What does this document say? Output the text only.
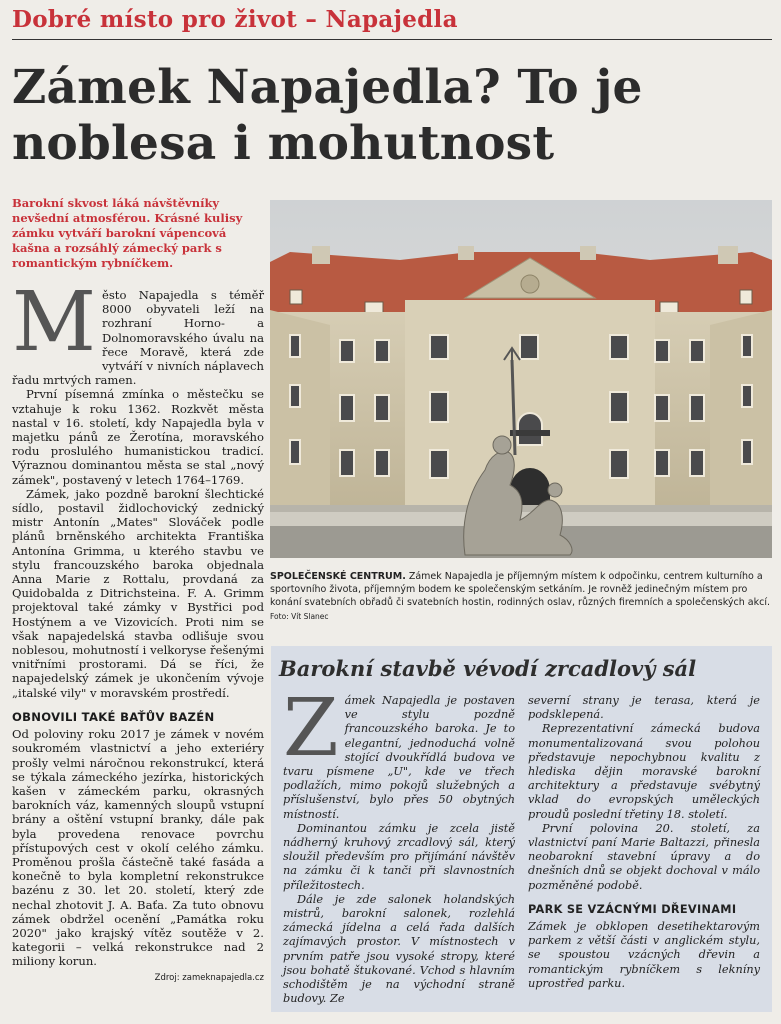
Dobré místo pro život – Napajedla
Zámek Napajedla? To je
noblesa i mohutnost
Barokní skvost láká návštěvníky nevšední atmosférou. Krásné kulisy zámku vytváří barokní vápencová kašna a rozsáhlý zámecký park s romantickým rybníčkem.

Město Napajedla s téměř 8000 obyvateli leží na rozhraní Horno- a Dolnomoravského úvalu na řece Moravě, která zde vytváří v nivních náplavech řadu mrtvých ramen.

První písemná zmínka o městečku se vztahuje k roku 1362. Rozkvět města nastal v 16. století, kdy Napajedla byla v majetku pánů ze Žerotína, moravského rodu proslulého humanistickou tradicí. Výraznou dominantou města se stal „nový zámek", postavený v letech 1764–1769.

Zámek, jako pozdně barokní šlechtické sídlo, postavil židlochovický zednický mistr Antonín „Mates" Slováček podle plánů brněnského architekta Františka Antonína Grimma, u kterého stavbu ve stylu francouzského baroka objednala Anna Marie z Rottalu, provdaná za Quidobalda z Ditrichsteina. F. A. Grimm projektoval také zámky v Bystřici pod Hostýnem a ve Vizovicích. Proti nim se však napajedelská stavba odlišuje svou noblesou, mohutností i velkoryse řešenými vnitřními prostorami. Dá se říci, že napajedelský zámek je ukončením vývoje „italské vily" v moravském prostředí.

OBNOVILI TAKÉ BAŤŮV BAZÉN

Od poloviny roku 2017 je zámek v novém soukromém vlastnictví a jeho exteriéry prošly velmi náročnou rekonstrukcí, která se týkala zámeckého jezírka, historických kašen v zámeckém parku, okrasných barokních váz, kamenných sloupů vstupní brány a oštění vstupní branky, dále pak byla provedena renovace povrchu přístupových cest v okolí celého zámku. Proměnou prošla částečně také fasáda a konečně to byla kompletní rekonstrukce bazénu z 30. let 20. století, který zde nechal zhotovit J. A. Baťa. Za tuto obnovu zámek obdržel ocenění „Památka roku 2020" jako krajský vítěz soutěže v 2. kategorii – velká rekonstrukce nad 2 miliony korun.

Zdroj: zameknapajedla.cz

SPOLEČENSKÉ CENTRUM. Zámek Napajedla je příjemným místem k odpočinku, centrem kulturního a sportovního života, příjemným bodem ke společenským setkáním. Je rovněž jedinečným místem pro konání svatebních obřadů či svatebních hostin, rodinných oslav, různých firemních a společenských akcí. Foto: Vít Slanec
Barokní stavbě vévodí zrcadlový sál

Zámek Napajedla je postaven ve stylu pozdně francouzského baroka. Je to elegantní, jednoduchá volně stojící dvoukřídlá budova ve tvaru písmene „U", kde ve třech podlažích, mimo pokojů služebných a příslušenství, bylo přes 50 obytných místností.

Dominantou zámku je zcela jistě nádherný kruhový zrcadlový sál, který sloužil především pro přijímání návštěv na zámku či k tanči při slavnostních příležitostech.

Dále je zde salonek holandských mistrů, barokní salonek, rozlehlá zámecká jídelna a celá řada dalších zajímavých prostor. V místnostech v prvním patře jsou vysoké stropy, které jsou bohatě štukované. Vchod s hlavním schodištěm je na východní straně budovy. Ze

severní strany je terasa, která je podsklepená.

Reprezentativní zámecká budova monumentalizovaná svou polohou představuje nepochybnou kvalitu z hlediska dějin moravské barokní architektury a představuje svébytný vklad do evropských uměleckých proudů poslední třetiny 18. století.

První polovina 20. století, za vlastnictví paní Marie Baltazzi, přinesla neobarokní stavební úpravy a do dnešních dnů se objekt dochoval v málo pozměněné podobě.

PARK SE VZÁCNÝMI DŘEVINAMI

Zámek je obklopen desetihektarovým parkem z větší části v anglickém stylu, se spoustou vzácných dřevin a romantickým rybníčkem s lekníny uprostřed parku.
